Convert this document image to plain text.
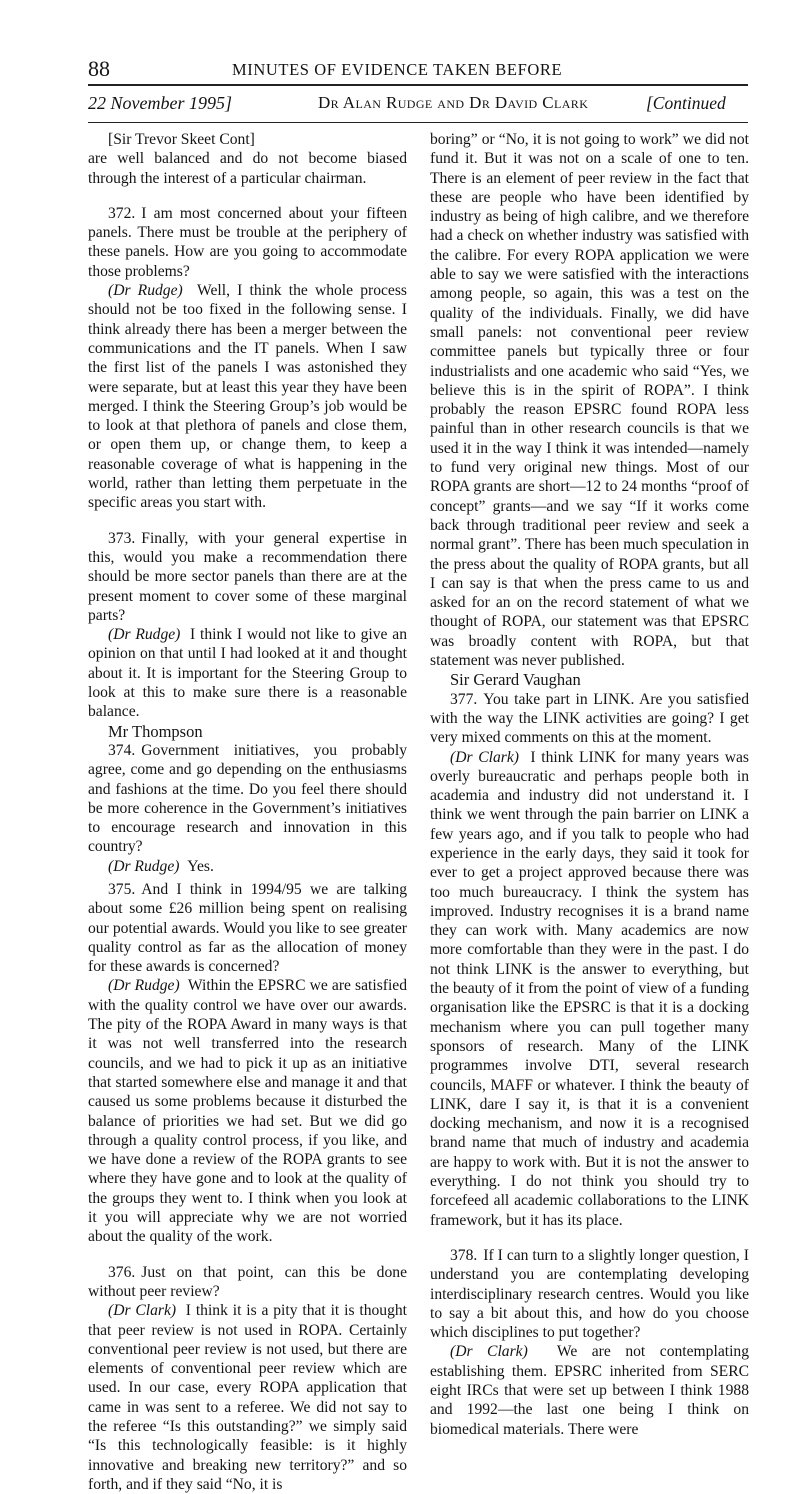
88	MINUTES OF EVIDENCE TAKEN BEFORE
22 November 1995]	Dr Alan Rudge and Dr David Clark	[Continued

[Sir Trevor Skeet Cont]

are well balanced and do not become biased through the interest of a particular chairman.

372. I am most concerned about your fifteen panels. There must be trouble at the periphery of these panels. How are you going to accommodate those problems?

(Dr Rudge) Well, I think the whole process should not be too fixed in the following sense. I think already there has been a merger between the communications and the IT panels. When I saw the first list of the panels I was astonished they were separate, but at least this year they have been merged. I think the Steering Group’s job would be to look at that plethora of panels and close them, or open them up, or change them, to keep a reasonable coverage of what is happening in the world, rather than letting them perpetuate in the specific areas you start with.

373. Finally, with your general expertise in this, would you make a recommendation there should be more sector panels than there are at the present moment to cover some of these marginal parts?

(Dr Rudge) I think I would not like to give an opinion on that until I had looked at it and thought about it. It is important for the Steering Group to look at this to make sure there is a reasonable balance.

Mr Thompson

374. Government initiatives, you probably agree, come and go depending on the enthusiasms and fashions at the time. Do you feel there should be more coherence in the Government’s initiatives to encourage research and innovation in this country?

(Dr Rudge) Yes.

375. And I think in 1994/95 we are talking about some £26 million being spent on realising our potential awards. Would you like to see greater quality control as far as the allocation of money for these awards is concerned?

(Dr Rudge) Within the EPSRC we are satisfied with the quality control we have over our awards. The pity of the ROPA Award in many ways is that it was not well transferred into the research councils, and we had to pick it up as an initiative that started somewhere else and manage it and that caused us some problems because it disturbed the balance of priorities we had set. But we did go through a quality control process, if you like, and we have done a review of the ROPA grants to see where they have gone and to look at the quality of the groups they went to. I think when you look at it you will appreciate why we are not worried about the quality of the work.

376. Just on that point, can this be done without peer review?

(Dr Clark) I think it is a pity that it is thought that peer review is not used in ROPA. Certainly conventional peer review is not used, but there are elements of conventional peer review which are used. In our case, every ROPA application that came in was sent to a referee. We did not say to the referee “Is this outstanding?” we simply said “Is this technologically feasible: is it highly innovative and breaking new territory?” and so forth, and if they said “No, it is

boring” or “No, it is not going to work” we did not fund it. But it was not on a scale of one to ten. There is an element of peer review in the fact that these are people who have been identified by industry as being of high calibre, and we therefore had a check on whether industry was satisfied with the calibre. For every ROPA application we were able to say we were satisfied with the interactions among people, so again, this was a test on the quality of the individuals. Finally, we did have small panels: not conventional peer review committee panels but typically three or four industrialists and one academic who said “Yes, we believe this is in the spirit of ROPA”. I think probably the reason EPSRC found ROPA less painful than in other research councils is that we used it in the way I think it was intended—namely to fund very original new things. Most of our ROPA grants are short—12 to 24 months “proof of concept” grants—and we say “If it works come back through traditional peer review and seek a normal grant”. There has been much speculation in the press about the quality of ROPA grants, but all I can say is that when the press came to us and asked for an on the record statement of what we thought of ROPA, our statement was that EPSRC was broadly content with ROPA, but that statement was never published.

Sir Gerard Vaughan

377. You take part in LINK. Are you satisfied with the way the LINK activities are going? I get very mixed comments on this at the moment.

(Dr Clark) I think LINK for many years was overly bureaucratic and perhaps people both in academia and industry did not understand it. I think we went through the pain barrier on LINK a few years ago, and if you talk to people who had experience in the early days, they said it took for ever to get a project approved because there was too much bureaucracy. I think the system has improved. Industry recognises it is a brand name they can work with. Many academics are now more comfortable than they were in the past. I do not think LINK is the answer to everything, but the beauty of it from the point of view of a funding organisation like the EPSRC is that it is a docking mechanism where you can pull together many sponsors of research. Many of the LINK programmes involve DTI, several research councils, MAFF or whatever. I think the beauty of LINK, dare I say it, is that it is a convenient docking mechanism, and now it is a recognised brand name that much of industry and academia are happy to work with. But it is not the answer to everything. I do not think you should try to forcefeed all academic collaborations to the LINK framework, but it has its place.

378. If I can turn to a slightly longer question, I understand you are contemplating developing interdisciplinary research centres. Would you like to say a bit about this, and how do you choose which disciplines to put together?

(Dr Clark) We are not contemplating establishing them. EPSRC inherited from SERC eight IRCs that were set up between I think 1988 and 1992—the last one being I think on biomedical materials. There were
